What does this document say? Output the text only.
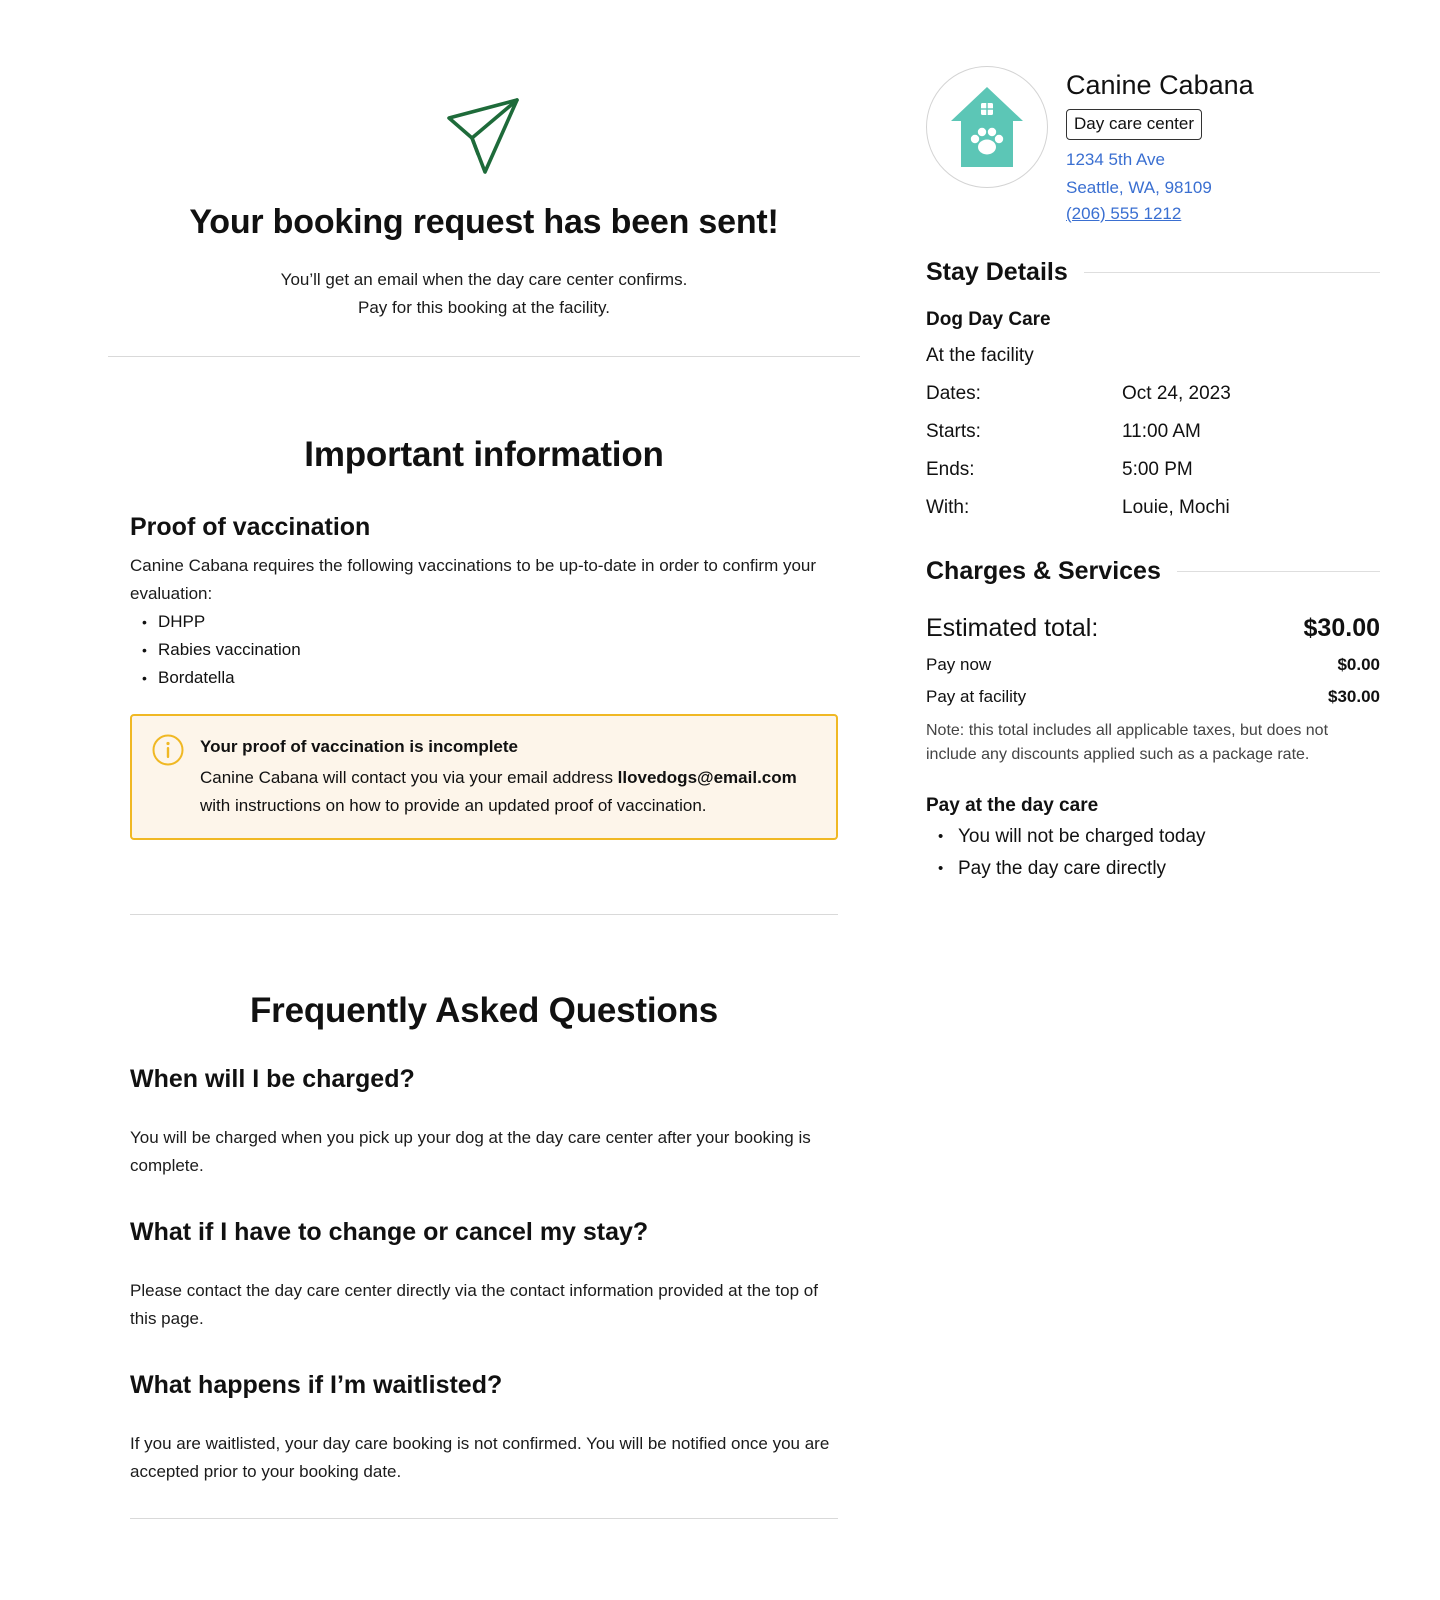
Your booking request has been sent!

You’ll get an email when the day care center confirms.
Pay for this booking at the facility.

Important information
Proof of vaccination

Canine Cabana requires the following vaccinations to be up-to-date in order to confirm your evaluation:

• DHPP
• Rabies vaccination
• Bordatella
Your proof of vaccination is incomplete
Canine Cabana will contact you via your email address llovedogs@email.com with instructions on how to provide an updated proof of vaccination.
Frequently Asked Questions
When will I be charged?

You will be charged when you pick up your dog at the day care center after your booking is complete.

What if I have to change or cancel my stay?

Please contact the day care center directly via the contact information provided at the top of this page.

What happens if I’m waitlisted?

If you are waitlisted, your day care booking is not confirmed. You will be notified once you are accepted prior to your booking date.

Canine Cabana
Day care center
1234 5th Ave
Seattle, WA, 98109
(206) 555 1212
Stay Details
Dog Day Care
At the facility
Dates:	Oct 24, 2023
Starts:	11:00 AM
Ends:	5:00 PM
With:	Louie, Mochi
Charges & Services
Estimated total:	$30.00
Pay now	$0.00
Pay at facility	$30.00

Note: this total includes all applicable taxes, but does not include any discounts applied such as a package rate.

Pay at the day care
• You will not be charged today
• Pay the day care directly
